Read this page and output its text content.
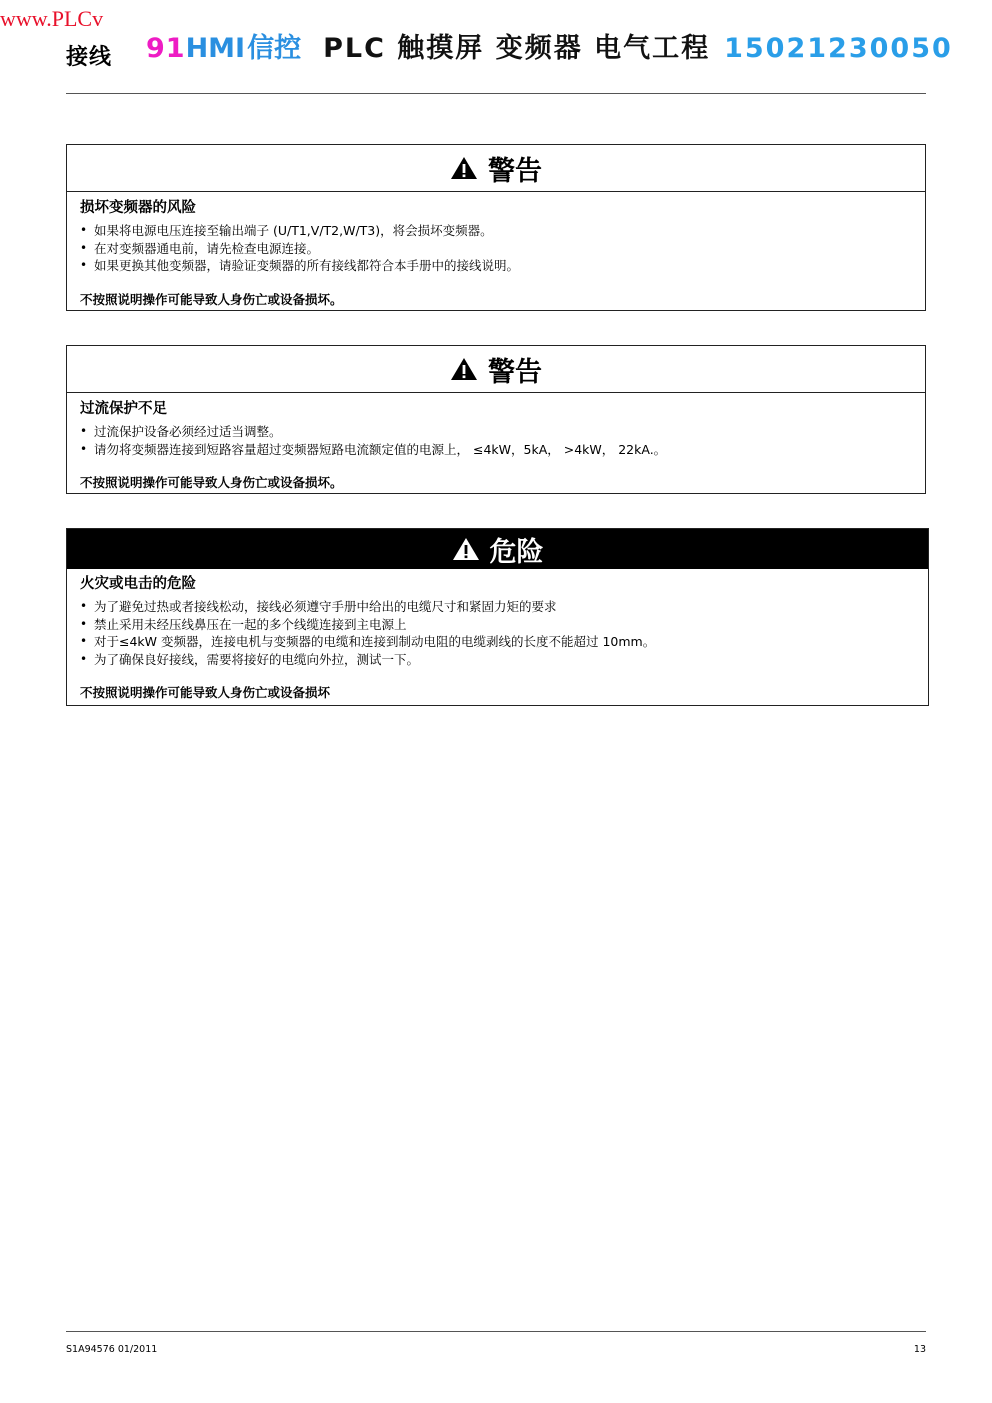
www.PLCv
接线 91HMI信控 PLC 触摸屏 变频器 电气工程 15021230050
警告
损坏变频器的风险
• 如果将电源电压连接至输出端子 (U/T1,V/T2,W/T3)，将会损坏变频器。
• 在对变频器通电前，请先检查电源连接。
• 如果更换其他变频器，请验证变频器的所有接线都符合本手册中的接线说明。
不按照说明操作可能导致人身伤亡或设备损坏。
警告
过流保护不足
• 过流保护设备必须经过适当调整。
• 请勿将变频器连接到短路容量超过变频器短路电流额定值的电源上， ≤4kW，5kA， >4kW， 22kA.。
不按照说明操作可能导致人身伤亡或设备损坏。
危险
火灾或电击的危险
• 为了避免过热或者接线松动，接线必须遵守手册中给出的电缆尺寸和紧固力矩的要求
• 禁止采用未经压线鼻压在一起的多个线缆连接到主电源上
• 对于≤4kW 变频器，连接电机与变频器的电缆和连接到制动电阻的电缆剥线的长度不能超过 10mm。
• 为了确保良好接线，需要将接好的电缆向外拉，测试一下。
不按照说明操作可能导致人身伤亡或设备损坏
S1A94576 01/2011	13
